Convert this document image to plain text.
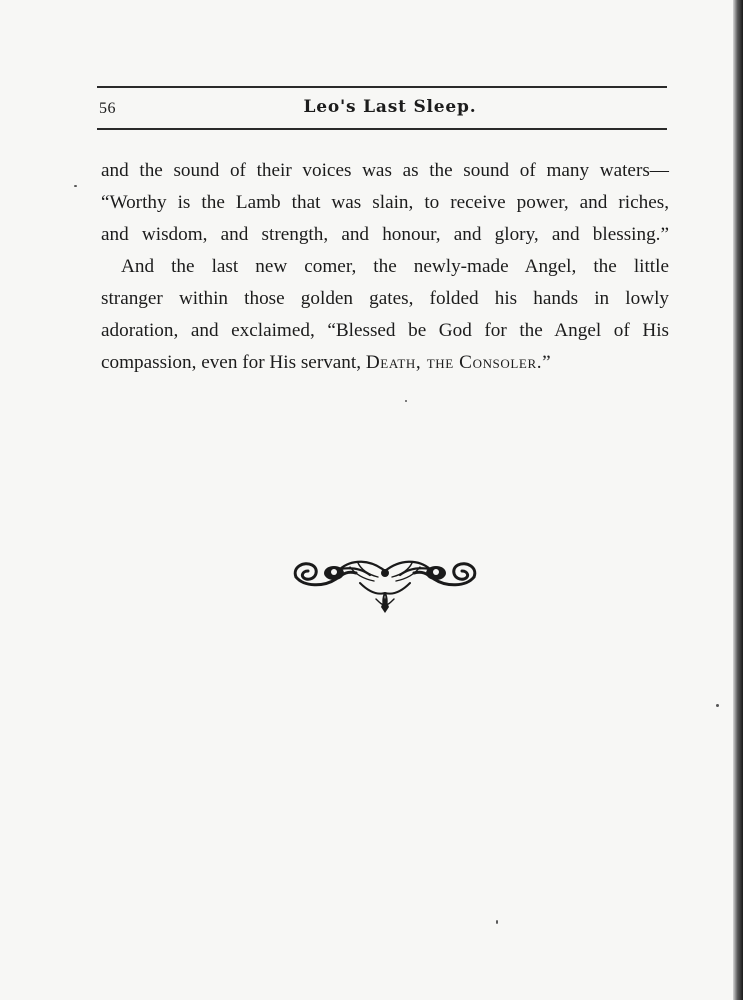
56	Leo's Last Sleep.
and the sound of their voices was as the sound of many waters—
“Worthy is the Lamb that was slain, to receive power, and riches,
and wisdom, and strength, and honour, and glory, and blessing.”
And the last new comer, the newly-made Angel, the little
stranger within those golden gates, folded his hands in lowly
adoration, and exclaimed, “Blessed be God for the Angel of His
compassion, even for His servant, Death, the Consoler.”
